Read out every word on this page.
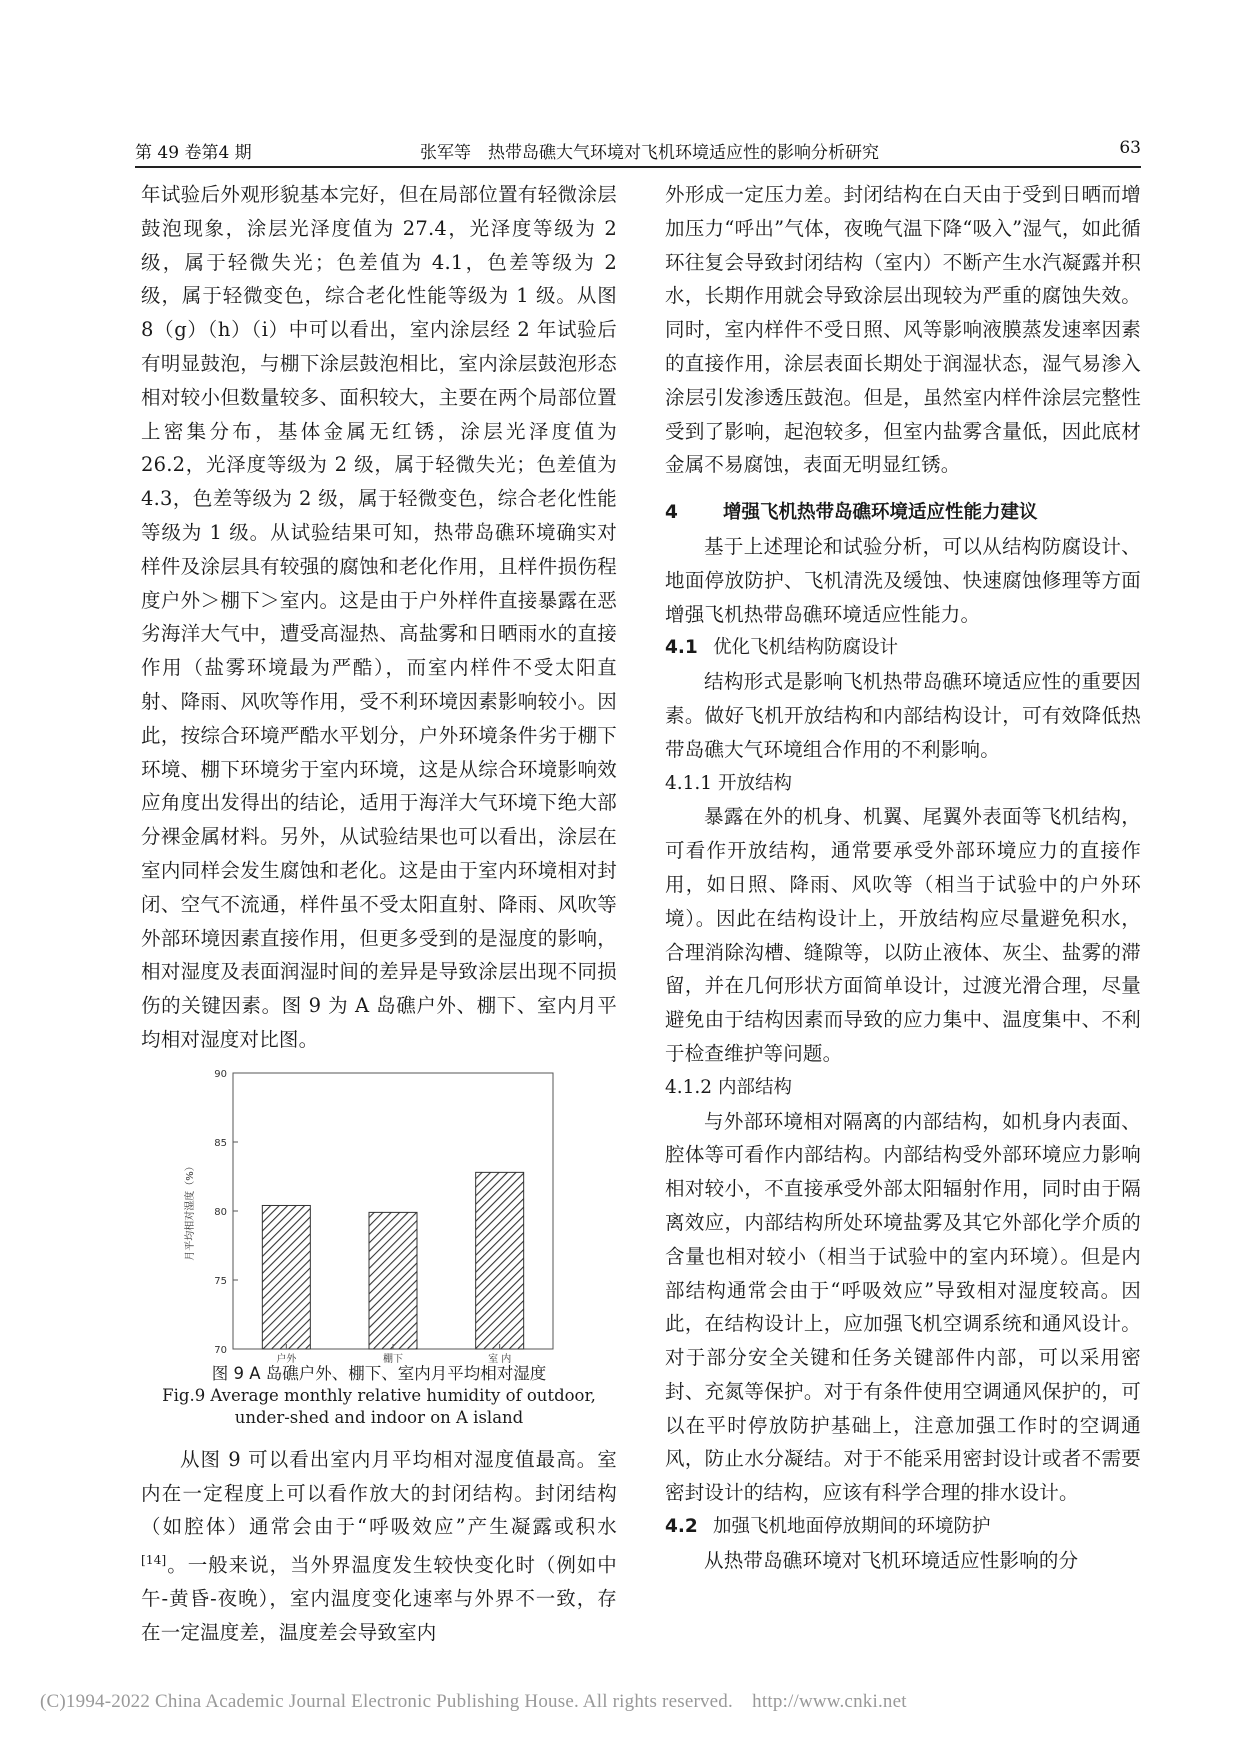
第 49 卷第4 期	张军等　热带岛礁大气环境对飞机环境适应性的影响分析研究	63

年试验后外观形貌基本完好，但在局部位置有轻微涂层鼓泡现象，涂层光泽度值为 27.4，光泽度等级为 2 级，属于轻微失光；色差值为 4.1，色差等级为 2 级，属于轻微变色，综合老化性能等级为 1 级。从图 8（g）（h）（i）中可以看出，室内涂层经 2 年试验后有明显鼓泡，与棚下涂层鼓泡相比，室内涂层鼓泡形态相对较小但数量较多、面积较大，主要在两个局部位置上密集分布，基体金属无红锈，涂层光泽度值为 26.2，光泽度等级为 2 级，属于轻微失光；色差值为 4.3，色差等级为 2 级，属于轻微变色，综合老化性能等级为 1 级。从试验结果可知，热带岛礁环境确实对样件及涂层具有较强的腐蚀和老化作用，且样件损伤程度户外＞棚下＞室内。这是由于户外样件直接暴露在恶劣海洋大气中，遭受高湿热、高盐雾和日晒雨水的直接作用（盐雾环境最为严酷），而室内样件不受太阳直射、降雨、风吹等作用，受不利环境因素影响较小。因此，按综合环境严酷水平划分，户外环境条件劣于棚下环境、棚下环境劣于室内环境，这是从综合环境影响效应角度出发得出的结论，适用于海洋大气环境下绝大部分裸金属材料。另外，从试验结果也可以看出，涂层在室内同样会发生腐蚀和老化。这是由于室内环境相对封闭、空气不流通，样件虽不受太阳直射、降雨、风吹等外部环境因素直接作用，但更多受到的是湿度的影响，相对湿度及表面润湿时间的差异是导致涂层出现不同损伤的关键因素。图 9 为 A 岛礁户外、棚下、室内月平均相对湿度对比图。

70
75
80
85
90
月平均相对湿度（%）
户外	棚下	室 内

图 9 A 岛礁户外、棚下、室内月平均相对湿度

Fig.9 Average monthly relative humidity of outdoor,

under-shed and indoor on A island

从图 9 可以看出室内月平均相对湿度值最高。室内在一定程度上可以看作放大的封闭结构。封闭结构（如腔体）通常会由于“呼吸效应”产生凝露或积水[14]。一般来说，当外界温度发生较快变化时（例如中午-黄昏-夜晚），室内温度变化速率与外界不一致，存在一定温度差，温度差会导致室内

外形成一定压力差。封闭结构在白天由于受到日晒而增加压力“呼出”气体，夜晚气温下降“吸入”湿气，如此循环往复会导致封闭结构（室内）不断产生水汽凝露并积水，长期作用就会导致涂层出现较为严重的腐蚀失效。同时，室内样件不受日照、风等影响液膜蒸发速率因素的直接作用，涂层表面长期处于润湿状态，湿气易渗入涂层引发渗透压鼓泡。但是，虽然室内样件涂层完整性受到了影响，起泡较多，但室内盐雾含量低，因此底材金属不易腐蚀，表面无明显红锈。

4 增强飞机热带岛礁环境适应性能力建议

基于上述理论和试验分析，可以从结构防腐设计、地面停放防护、飞机清洗及缓蚀、快速腐蚀修理等方面增强飞机热带岛礁环境适应性能力。

4.1 优化飞机结构防腐设计

结构形式是影响飞机热带岛礁环境适应性的重要因素。做好飞机开放结构和内部结构设计，可有效降低热带岛礁大气环境组合作用的不利影响。

4.1.1 开放结构

暴露在外的机身、机翼、尾翼外表面等飞机结构，可看作开放结构，通常要承受外部环境应力的直接作用，如日照、降雨、风吹等（相当于试验中的户外环境）。因此在结构设计上，开放结构应尽量避免积水，合理消除沟槽、缝隙等，以防止液体、灰尘、盐雾的滞留，并在几何形状方面简单设计，过渡光滑合理，尽量避免由于结构因素而导致的应力集中、温度集中、不利于检查维护等问题。

4.1.2 内部结构

与外部环境相对隔离的内部结构，如机身内表面、腔体等可看作内部结构。内部结构受外部环境应力影响相对较小，不直接承受外部太阳辐射作用，同时由于隔离效应，内部结构所处环境盐雾及其它外部化学介质的含量也相对较小（相当于试验中的室内环境）。但是内部结构通常会由于“呼吸效应”导致相对湿度较高。因此，在结构设计上，应加强飞机空调系统和通风设计。对于部分安全关键和任务关键部件内部，可以采用密封、充氮等保护。对于有条件使用空调通风保护的，可以在平时停放防护基础上，注意加强工作时的空调通风，防止水分凝结。对于不能采用密封设计或者不需要密封设计的结构，应该有科学合理的排水设计。

4.2 加强飞机地面停放期间的环境防护

从热带岛礁环境对飞机环境适应性影响的分

(C)1994-2022 China Academic Journal Electronic Publishing House. All rights reserved.　http://www.cnki.net
